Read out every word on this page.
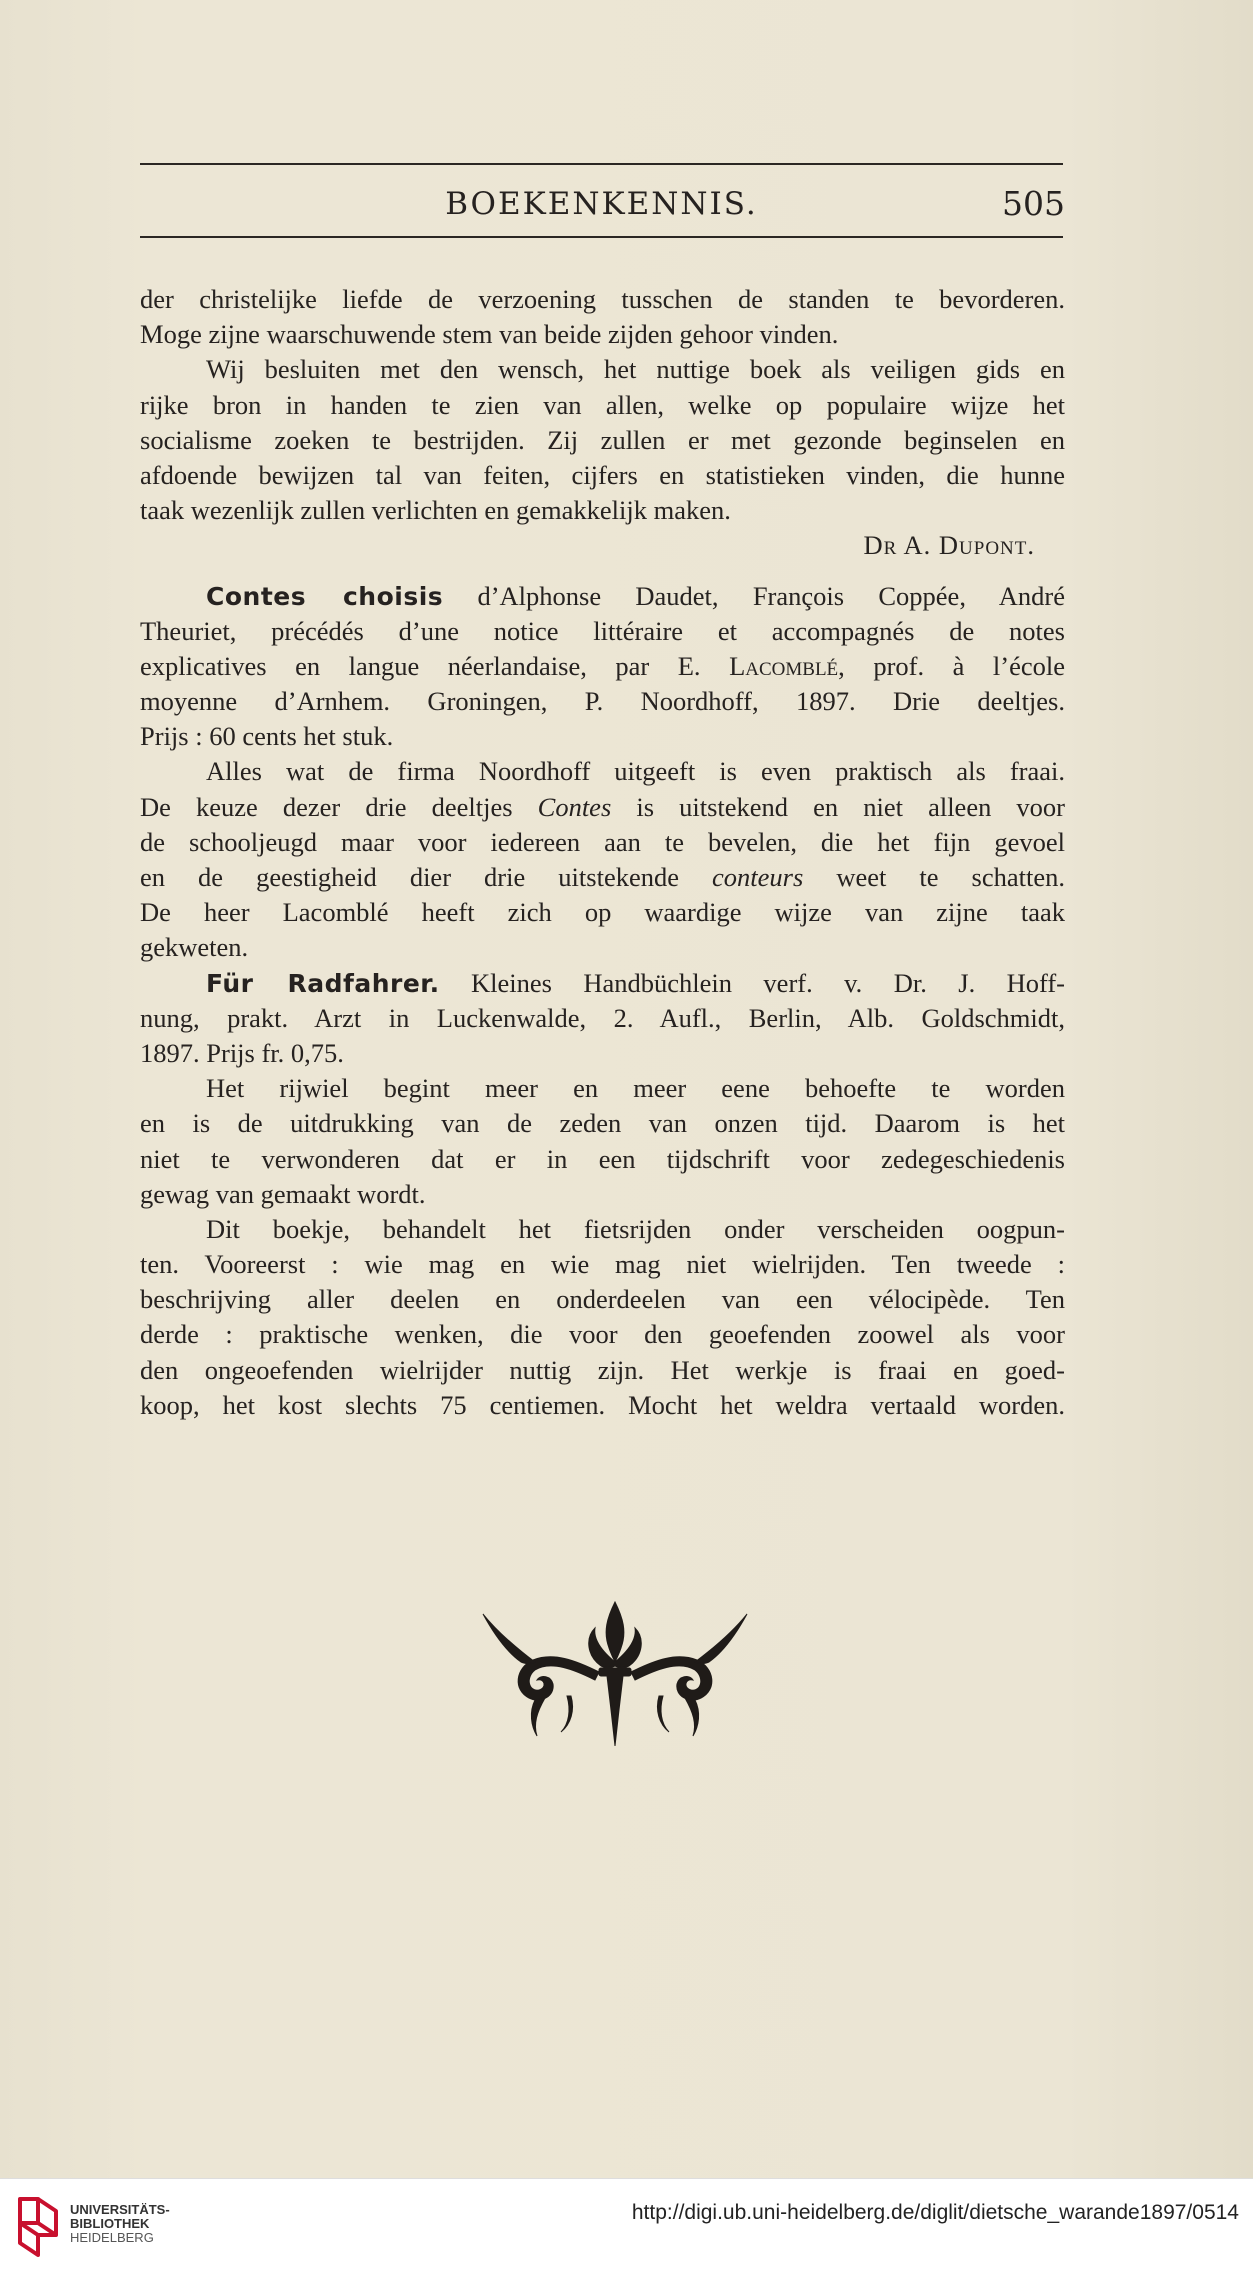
BOEKENKENNIS.	505
der christelijke liefde de verzoening tusschen de standen te bevorderen.
Moge zijne waarschuwende stem van beide zijden gehoor vinden.
Wij besluiten met den wensch, het nuttige boek als veiligen gids en
rijke bron in handen te zien van allen, welke op populaire wijze het
socialisme zoeken te bestrijden. Zij zullen er met gezonde beginselen en
afdoende bewijzen tal van feiten, cijfers en statistieken vinden, die hunne
taak wezenlijk zullen verlichten en gemakkelijk maken.
Dr A. Dupont.
Contes choisis d’Alphonse Daudet, François Coppée, André
Theuriet, précédés d’une notice littéraire et accompagnés de notes
explicatives en langue néerlandaise, par E. Lacomblé, prof. à l’école
moyenne d’Arnhem. Groningen, P. Noordhoff, 1897. Drie deeltjes.
Prijs : 60 cents het stuk.
Alles wat de firma Noordhoff uitgeeft is even praktisch als fraai.
De keuze dezer drie deeltjes Contes is uitstekend en niet alleen voor
de schooljeugd maar voor iedereen aan te bevelen, die het fijn gevoel
en de geestigheid dier drie uitstekende conteurs weet te schatten.
De heer Lacomblé heeft zich op waardige wijze van zijne taak
gekweten.
Für Radfahrer. Kleines Handbüchlein verf. v. Dr. J. Hoff-
nung, prakt. Arzt in Luckenwalde, 2. Aufl., Berlin, Alb. Goldschmidt,
1897. Prijs fr. 0,75.
Het rijwiel begint meer en meer eene behoefte te worden
en is de uitdrukking van de zeden van onzen tijd. Daarom is het
niet te verwonderen dat er in een tijdschrift voor zedegeschiedenis
gewag van gemaakt wordt.
Dit boekje, behandelt het fietsrijden onder verscheiden oogpun-
ten. Vooreerst : wie mag en wie mag niet wielrijden. Ten tweede :
beschrijving aller deelen en onderdeelen van een vélocipède. Ten
derde : praktische wenken, die voor den geoefenden zoowel als voor
den ongeoefenden wielrijder nuttig zijn. Het werkje is fraai en goed-
koop, het kost slechts 75 centiemen. Mocht het weldra vertaald worden.
UNIVERSITÄTS-
BIBLIOTHEK
HEIDELBERG
http://digi.ub.uni-heidelberg.de/diglit/dietsche_warande1897/0514
